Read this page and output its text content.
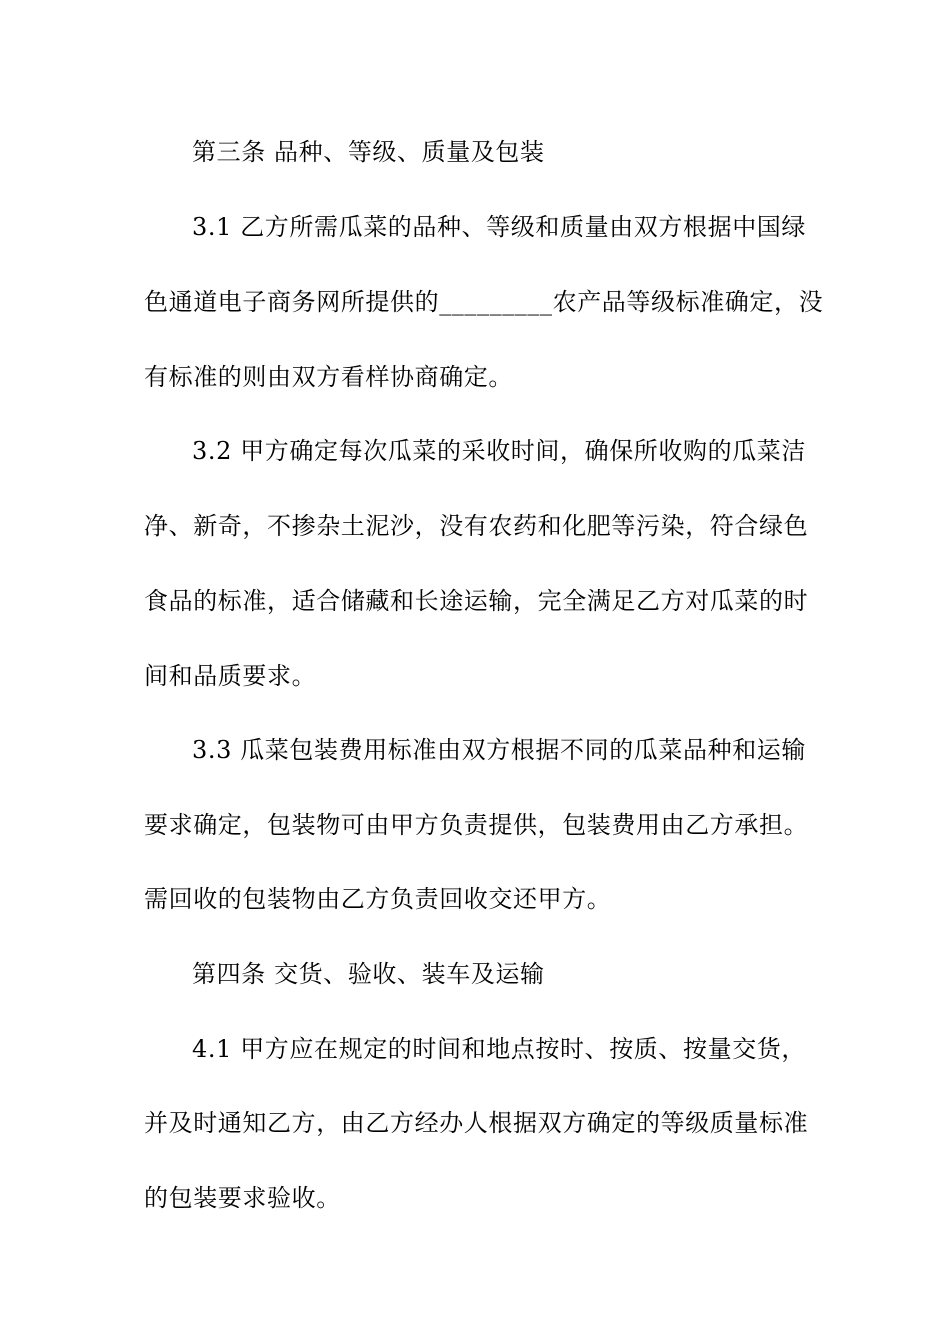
第三条 品种、等级、质量及包装
3.1 乙方所需瓜菜的品种、等级和质量由双方根据中国绿
色通道电子商务网所提供的_________农产品等级标准确定，没
有标准的则由双方看样协商确定。
3.2 甲方确定每次瓜菜的采收时间，确保所收购的瓜菜洁
净、新奇，不掺杂土泥沙，没有农药和化肥等污染，符合绿色
食品的标准，适合储藏和长途运输，完全满足乙方对瓜菜的时
间和品质要求。
3.3 瓜菜包装费用标准由双方根据不同的瓜菜品种和运输
要求确定，包装物可由甲方负责提供，包装费用由乙方承担。
需回收的包装物由乙方负责回收交还甲方。
第四条 交货、验收、装车及运输
4.1 甲方应在规定的时间和地点按时、按质、按量交货，
并及时通知乙方，由乙方经办人根据双方确定的等级质量标准
的包装要求验收。
